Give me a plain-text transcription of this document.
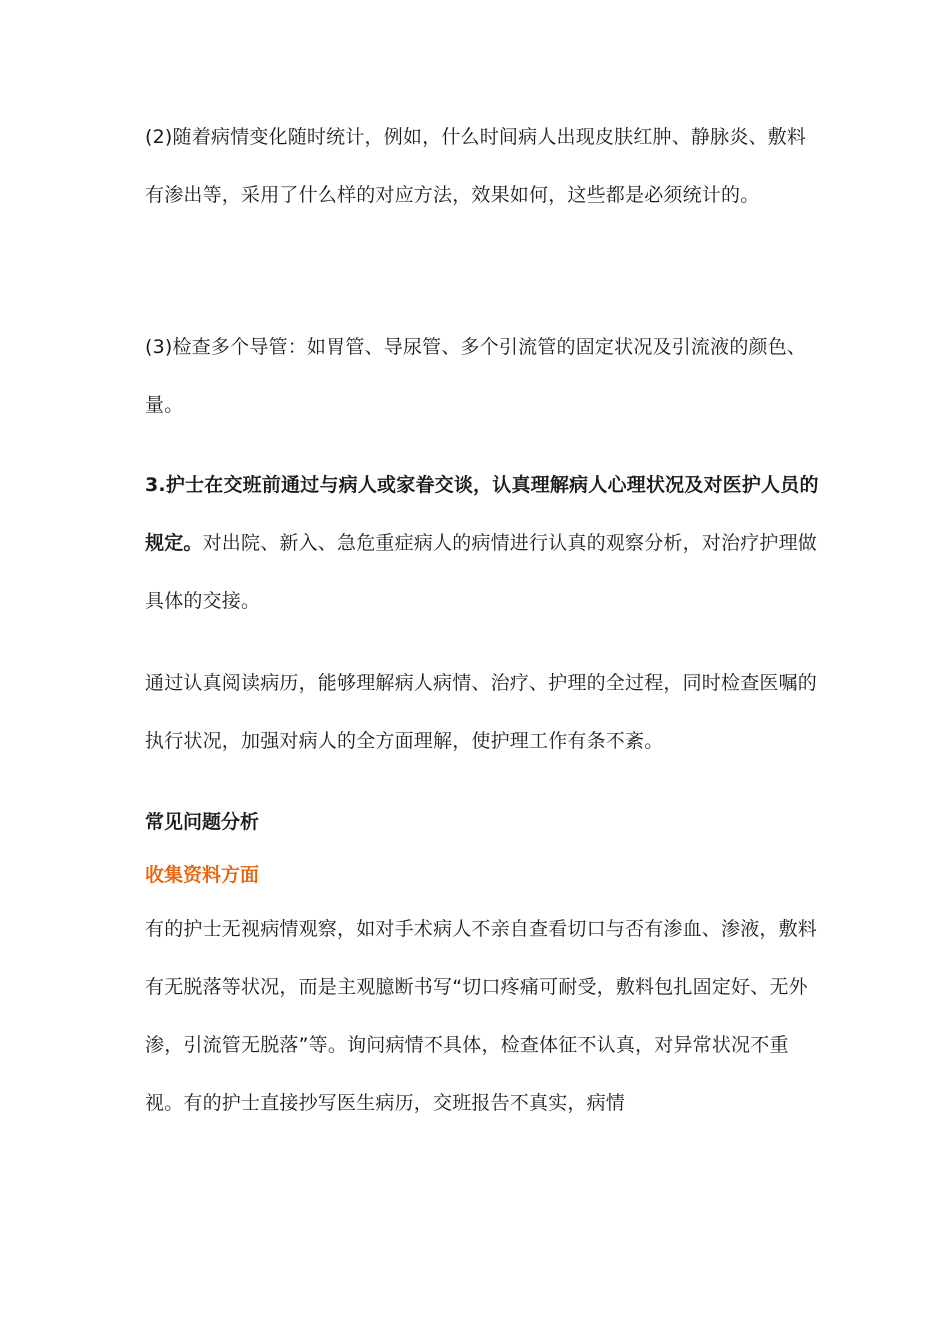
(2)随着病情变化随时统计，例如，什么时间病人出现皮肤红肿、静脉炎、敷料有渗出等，采用了什么样的对应方法，效果如何，这些都是必须统计的。

(3)检查多个导管：如胃管、导尿管、多个引流管的固定状况及引流液的颜色、量。

3.护士在交班前通过与病人或家眷交谈，认真理解病人心理状况及对医护人员的规定。对出院、新入、急危重症病人的病情进行认真的观察分析，对治疗护理做具体的交接。

通过认真阅读病历，能够理解病人病情、治疗、护理的全过程，同时检查医嘱的执行状况，加强对病人的全方面理解，使护理工作有条不紊。

常见问题分析
收集资料方面

有的护士无视病情观察，如对手术病人不亲自查看切口与否有渗血、渗液，敷料有无脱落等状况，而是主观臆断书写“切口疼痛可耐受，敷料包扎固定好、无外渗，引流管无脱落”等。询问病情不具体，检查体征不认真，对异常状况不重视。有的护士直接抄写医生病历，交班报告不真实，病情
